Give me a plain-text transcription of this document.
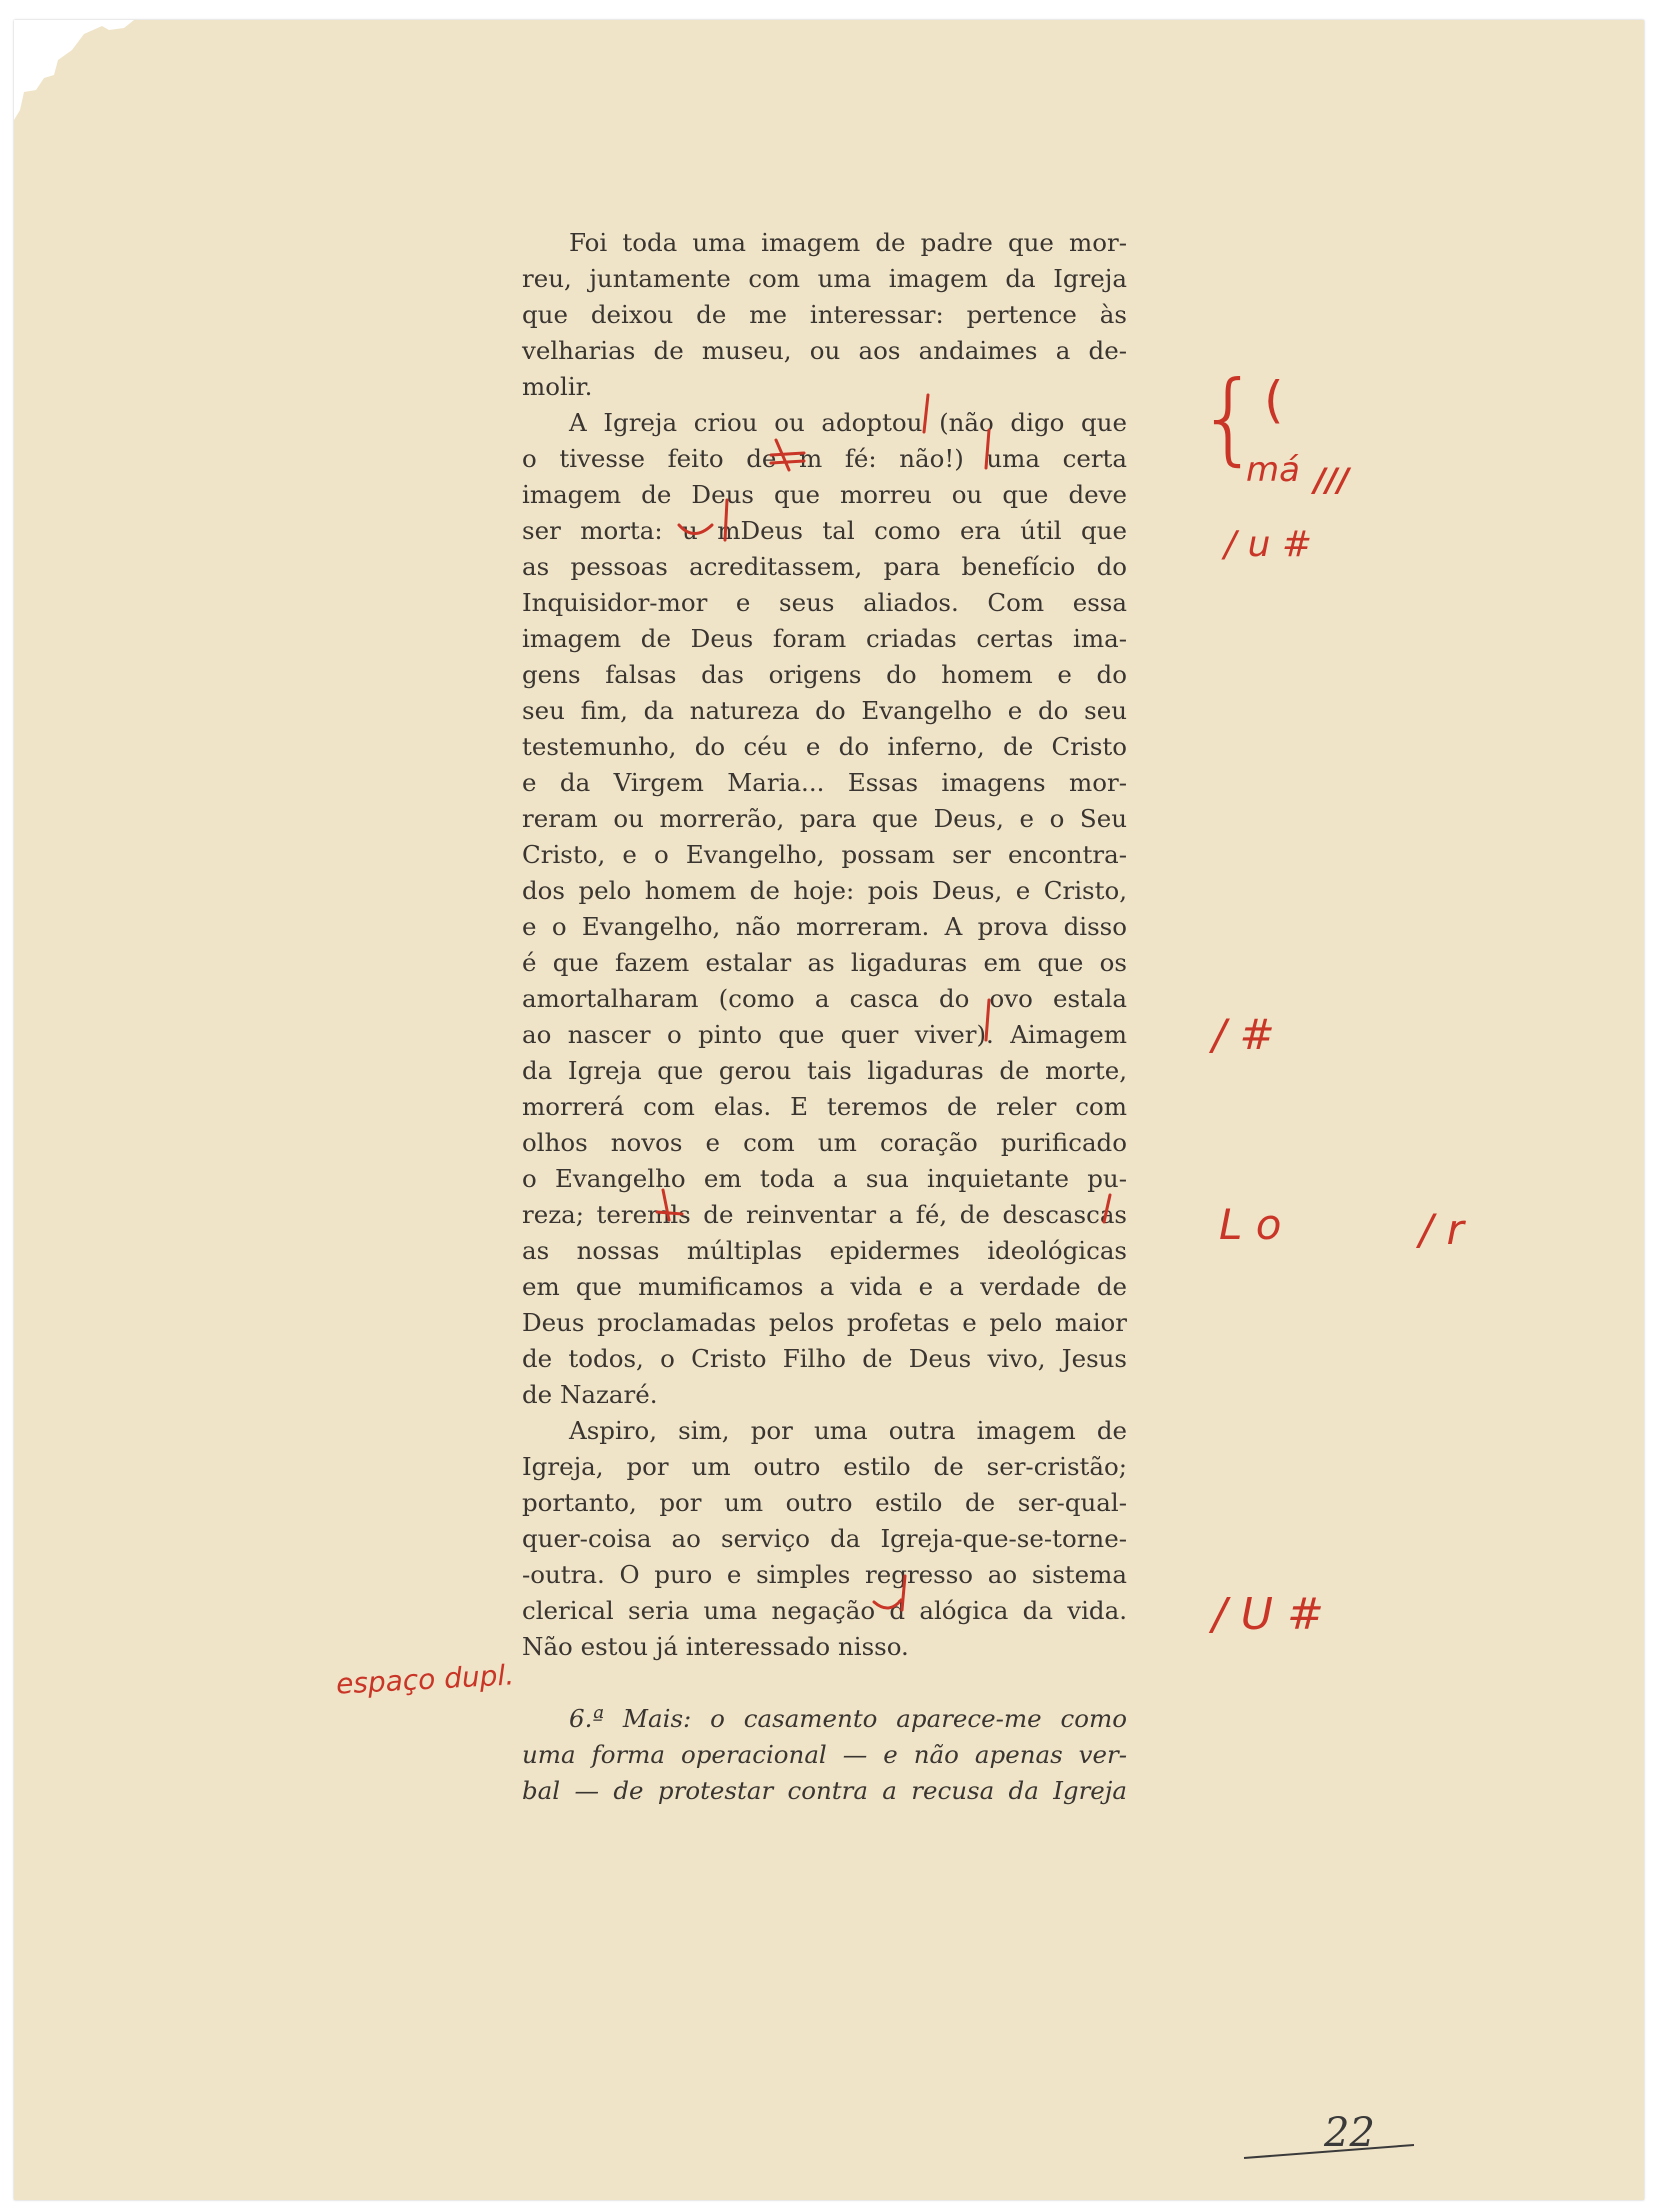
Foi toda uma imagem de padre que mor-
reu, juntamente com uma imagem da Igreja
que deixou de me interessar: pertence às
velharias de museu, ou aos andaimes a de-
molir.
A Igreja criou ou adoptou (não digo que
o tivesse feito de m fé: não!) uma certa
imagem de Deus que morreu ou que deve
ser morta: u mDeus tal como era útil que
as pessoas acreditassem, para benefício do
Inquisidor-mor e seus aliados. Com essa
imagem de Deus foram criadas certas ima-
gens falsas das origens do homem e do
seu fim, da natureza do Evangelho e do seu
testemunho, do céu e do inferno, de Cristo
e da Virgem Maria... Essas imagens mor-
reram ou morrerão, para que Deus, e o Seu
Cristo, e o Evangelho, possam ser encontra-
dos pelo homem de hoje: pois Deus, e Cristo,
e o Evangelho, não morreram. A prova disso
é que fazem estalar as ligaduras em que os
amortalharam (como a casca do ovo estala
ao nascer o pinto que quer viver). Aimagem
da Igreja que gerou tais ligaduras de morte,
morrerá com elas. E teremos de reler com
olhos novos e com um coração purificado
o Evangelho em toda a sua inquietante pu-
reza; teremls de reinventar a fé, de descascas
as nossas múltiplas epidermes ideológicas
em que mumificamos a vida e a verdade de
Deus proclamadas pelos profetas e pelo maior
de todos, o Cristo Filho de Deus vivo, Jesus
de Nazaré.
Aspiro, sim, por uma outra imagem de
Igreja, por um outro estilo de ser-cristão;
portanto, por um outro estilo de ser-qual-
quer-coisa ao serviço da Igreja-que-se-torne-
-outra. O puro e simples regresso ao sistema
clerical seria uma negação d alógica da vida.
Não estou já interessado nisso.
6.ª Mais: o casamento aparece-me como
uma forma operacional — e não apenas ver-
bal — de protestar contra a recusa da Igreja
{ (
má ///
/ u #
/ #
L o	/ r
/ U #
espaço dupl.
22
